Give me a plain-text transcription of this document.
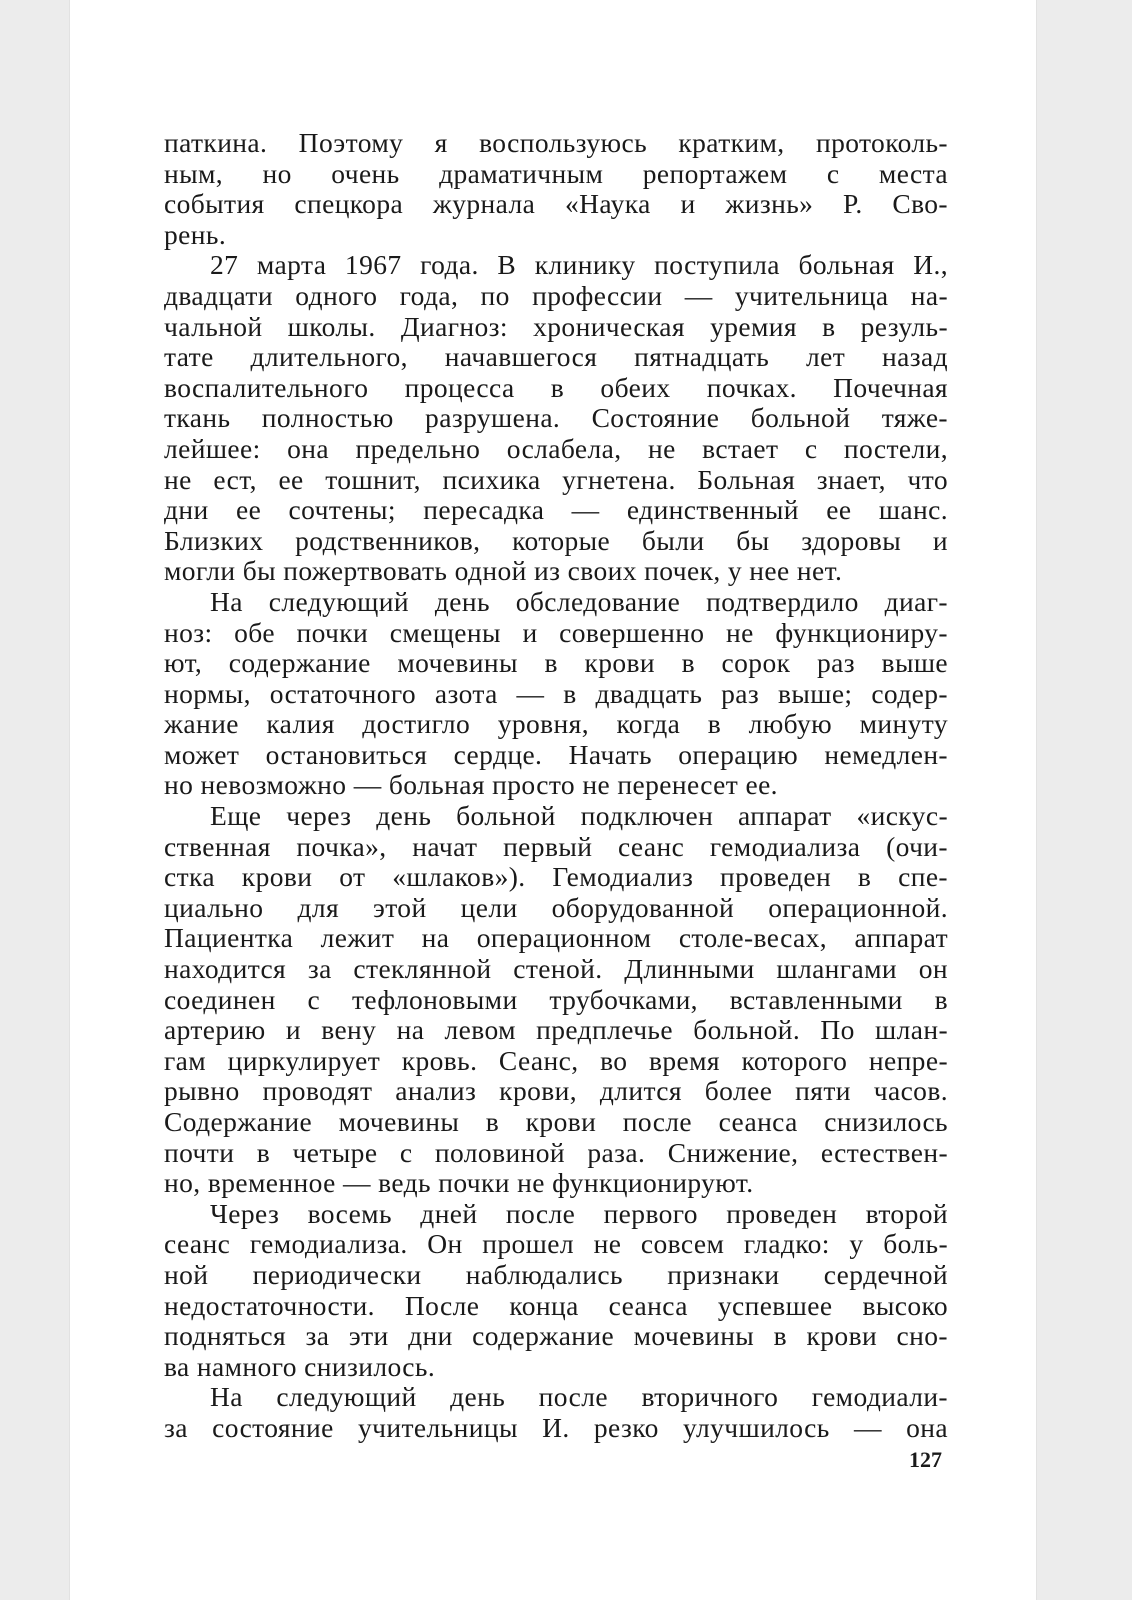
паткина. Поэтому я воспользуюсь кратким, протоколь-
ным, но очень драматичным репортажем с места
события спецкора журнала «Наука и жизнь» Р. Сво-
рень.
27 марта 1967 года. В клинику поступила больная И.,
двадцати одного года, по профессии — учительница на-
чальной школы. Диагноз: хроническая уремия в резуль-
тате длительного, начавшегося пятнадцать лет назад
воспалительного процесса в обеих почках. Почечная
ткань полностью разрушена. Состояние больной тяже-
лейшее: она предельно ослабела, не встает с постели,
не ест, ее тошнит, психика угнетена. Больная знает, что
дни ее сочтены; пересадка — единственный ее шанс.
Близких родственников, которые были бы здоровы и
могли бы пожертвовать одной из своих почек, у нее нет.
На следующий день обследование подтвердило диаг-
ноз: обе почки смещены и совершенно не функциониру-
ют, содержание мочевины в крови в сорок раз выше
нормы, остаточного азота — в двадцать раз выше; содер-
жание калия достигло уровня, когда в любую минуту
может остановиться сердце. Начать операцию немедлен-
но невозможно — больная просто не перенесет ее.
Еще через день больной подключен аппарат «искус-
ственная почка», начат первый сеанс гемодиализа (очи-
стка крови от «шлаков»). Гемодиализ проведен в спе-
циально для этой цели оборудованной операционной.
Пациентка лежит на операционном столе-весах, аппарат
находится за стеклянной стеной. Длинными шлангами он
соединен с тефлоновыми трубочками, вставленными в
артерию и вену на левом предплечье больной. По шлан-
гам циркулирует кровь. Сеанс, во время которого непре-
рывно проводят анализ крови, длится более пяти часов.
Содержание мочевины в крови после сеанса снизилось
почти в четыре с половиной раза. Снижение, естествен-
но, временное — ведь почки не функционируют.
Через восемь дней после первого проведен второй
сеанс гемодиализа. Он прошел не совсем гладко: у боль-
ной периодически наблюдались признаки сердечной
недостаточности. После конца сеанса успевшее высоко
подняться за эти дни содержание мочевины в крови сно-
ва намного снизилось.
На следующий день после вторичного гемодиали-
за состояние учительницы И. резко улучшилось — она
127
